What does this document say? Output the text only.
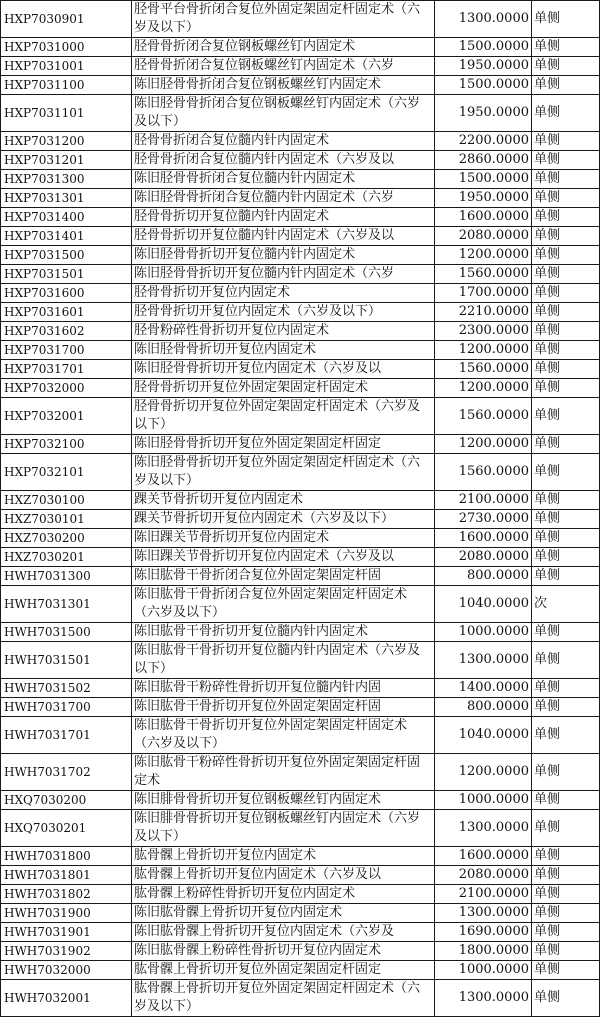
HXP7030901	胫骨平台骨折闭合复位外固定架固定杆固定术（六岁及以下）	1300.0000	单侧
HXP7031000	胫骨骨折闭合复位钢板螺丝钉内固定术	1500.0000	单侧
HXP7031001	胫骨骨折闭合复位钢板螺丝钉内固定术（六岁	1950.0000	单侧
HXP7031100	陈旧胫骨骨折闭合复位钢板螺丝钉内固定术	1500.0000	单侧
HXP7031101	陈旧胫骨骨折闭合复位钢板螺丝钉内固定术（六岁及以下）	1950.0000	单侧
HXP7031200	胫骨骨折闭合复位髓内针内固定术	2200.0000	单侧
HXP7031201	胫骨骨折闭合复位髓内针内固定术（六岁及以	2860.0000	单侧
HXP7031300	陈旧胫骨骨折闭合复位髓内针内固定术	1500.0000	单侧
HXP7031301	陈旧胫骨骨折闭合复位髓内针内固定术（六岁	1950.0000	单侧
HXP7031400	胫骨骨折切开复位髓内针内固定术	1600.0000	单侧
HXP7031401	胫骨骨折切开复位髓内针内固定术（六岁及以	2080.0000	单侧
HXP7031500	陈旧胫骨骨折切开复位髓内针内固定术	1200.0000	单侧
HXP7031501	陈旧胫骨骨折切开复位髓内针内固定术（六岁	1560.0000	单侧
HXP7031600	胫骨骨折切开复位内固定术	1700.0000	单侧
HXP7031601	胫骨骨折切开复位内固定术（六岁及以下）	2210.0000	单侧
HXP7031602	胫骨粉碎性骨折切开复位内固定术	2300.0000	单侧
HXP7031700	陈旧胫骨骨折切开复位内固定术	1200.0000	单侧
HXP7031701	陈旧胫骨骨折切开复位内固定术（六岁及以	1560.0000	单侧
HXP7032000	胫骨骨折切开复位外固定架固定杆固定术	1200.0000	单侧
HXP7032001	胫骨骨折切开复位外固定架固定杆固定术（六岁及以下）	1560.0000	单侧
HXP7032100	陈旧胫骨骨折切开复位外固定架固定杆固定	1200.0000	单侧
HXP7032101	陈旧胫骨骨折切开复位外固定架固定杆固定术（六岁及以下）	1560.0000	单侧
HXZ7030100	踝关节骨折切开复位内固定术	2100.0000	单侧
HXZ7030101	踝关节骨折切开复位内固定术（六岁及以下）	2730.0000	单侧
HXZ7030200	陈旧踝关节骨折切开复位内固定术	1600.0000	单侧
HXZ7030201	陈旧踝关节骨折切开复位内固定术（六岁及以	2080.0000	单侧
HWH7031300	陈旧肱骨干骨折闭合复位外固定架固定杆固	800.0000	单侧
HWH7031301	陈旧肱骨干骨折闭合复位外固定架固定杆固定术（六岁及以下）	1040.0000	次
HWH7031500	陈旧肱骨干骨折切开复位髓内针内固定术	1000.0000	单侧
HWH7031501	陈旧肱骨干骨折切开复位髓内针内固定术（六岁及以下）	1300.0000	单侧
HWH7031502	陈旧肱骨干粉碎性骨折切开复位髓内针内固	1400.0000	单侧
HWH7031700	陈旧肱骨干骨折切开复位外固定架固定杆固	800.0000	单侧
HWH7031701	陈旧肱骨干骨折切开复位外固定架固定杆固定术（六岁及以下）	1040.0000	单侧
HWH7031702	陈旧肱骨干粉碎性骨折切开复位外固定架固定杆固定术	1200.0000	单侧
HXQ7030200	陈旧腓骨骨折切开复位钢板螺丝钉内固定术	1000.0000	单侧
HXQ7030201	陈旧腓骨骨折切开复位钢板螺丝钉内固定术（六岁及以下）	1300.0000	单侧
HWH7031800	肱骨髁上骨折切开复位内固定术	1600.0000	单侧
HWH7031801	肱骨髁上骨折切开复位内固定术（六岁及以	2080.0000	单侧
HWH7031802	肱骨髁上粉碎性骨折切开复位内固定术	2100.0000	单侧
HWH7031900	陈旧肱骨髁上骨折切开复位内固定术	1300.0000	单侧
HWH7031901	陈旧肱骨髁上骨折切开复位内固定术（六岁及	1690.0000	单侧
HWH7031902	陈旧肱骨髁上粉碎性骨折切开复位内固定术	1800.0000	单侧
HWH7032000	肱骨髁上骨折切开复位外固定架固定杆固定	1000.0000	单侧
HWH7032001	肱骨髁上骨折切开复位外固定架固定杆固定术（六岁及以下）	1300.0000	单侧
